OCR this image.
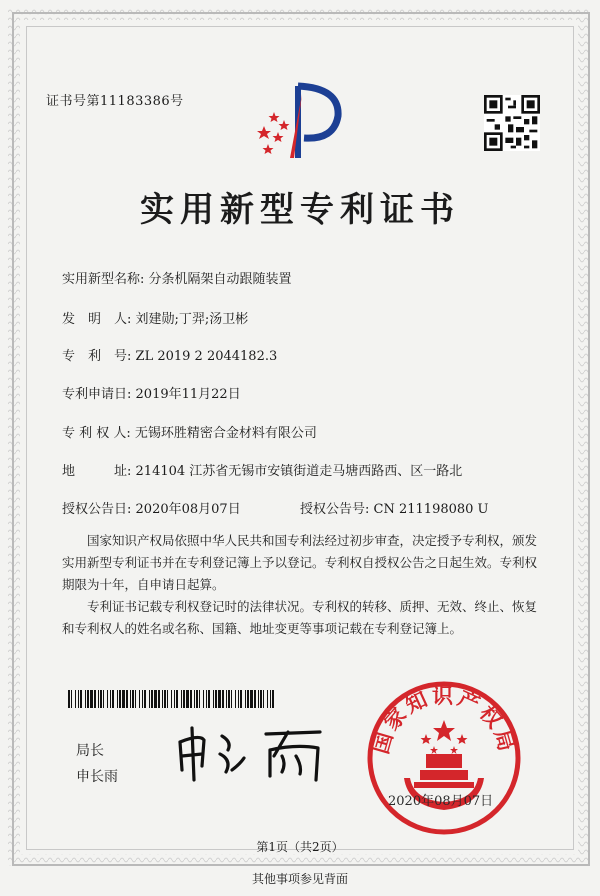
证书号第11183386号
实用新型专利证书
实用新型名称: 分条机隔架自动跟随装置
发　明　人: 刘建勋;丁羿;汤卫彬
专　利　号: ZL 2019 2 2044182.3
专利申请日: 2019年11月22日
专 利 权 人: 无锡环胜精密合金材料有限公司
地　　　址: 214104 江苏省无锡市安镇街道走马塘西路西、区一路北
授权公告日: 2020年08月07日	授权公告号: CN 211198080 U
国家知识产权局依照中华人民共和国专利法经过初步审查，决定授予专利权，颁发实用新型专利证书并在专利登记簿上予以登记。专利权自授权公告之日起生效。专利权期限为十年，自申请日起算。
专利证书记载专利权登记时的法律状况。专利权的转移、质押、无效、终止、恢复和专利权人的姓名或名称、国籍、地址变更等事项记载在专利登记簿上。
局长
申长雨
国家知识产权局
2020年08月07日
第1页（共2页）
其他事项参见背面
